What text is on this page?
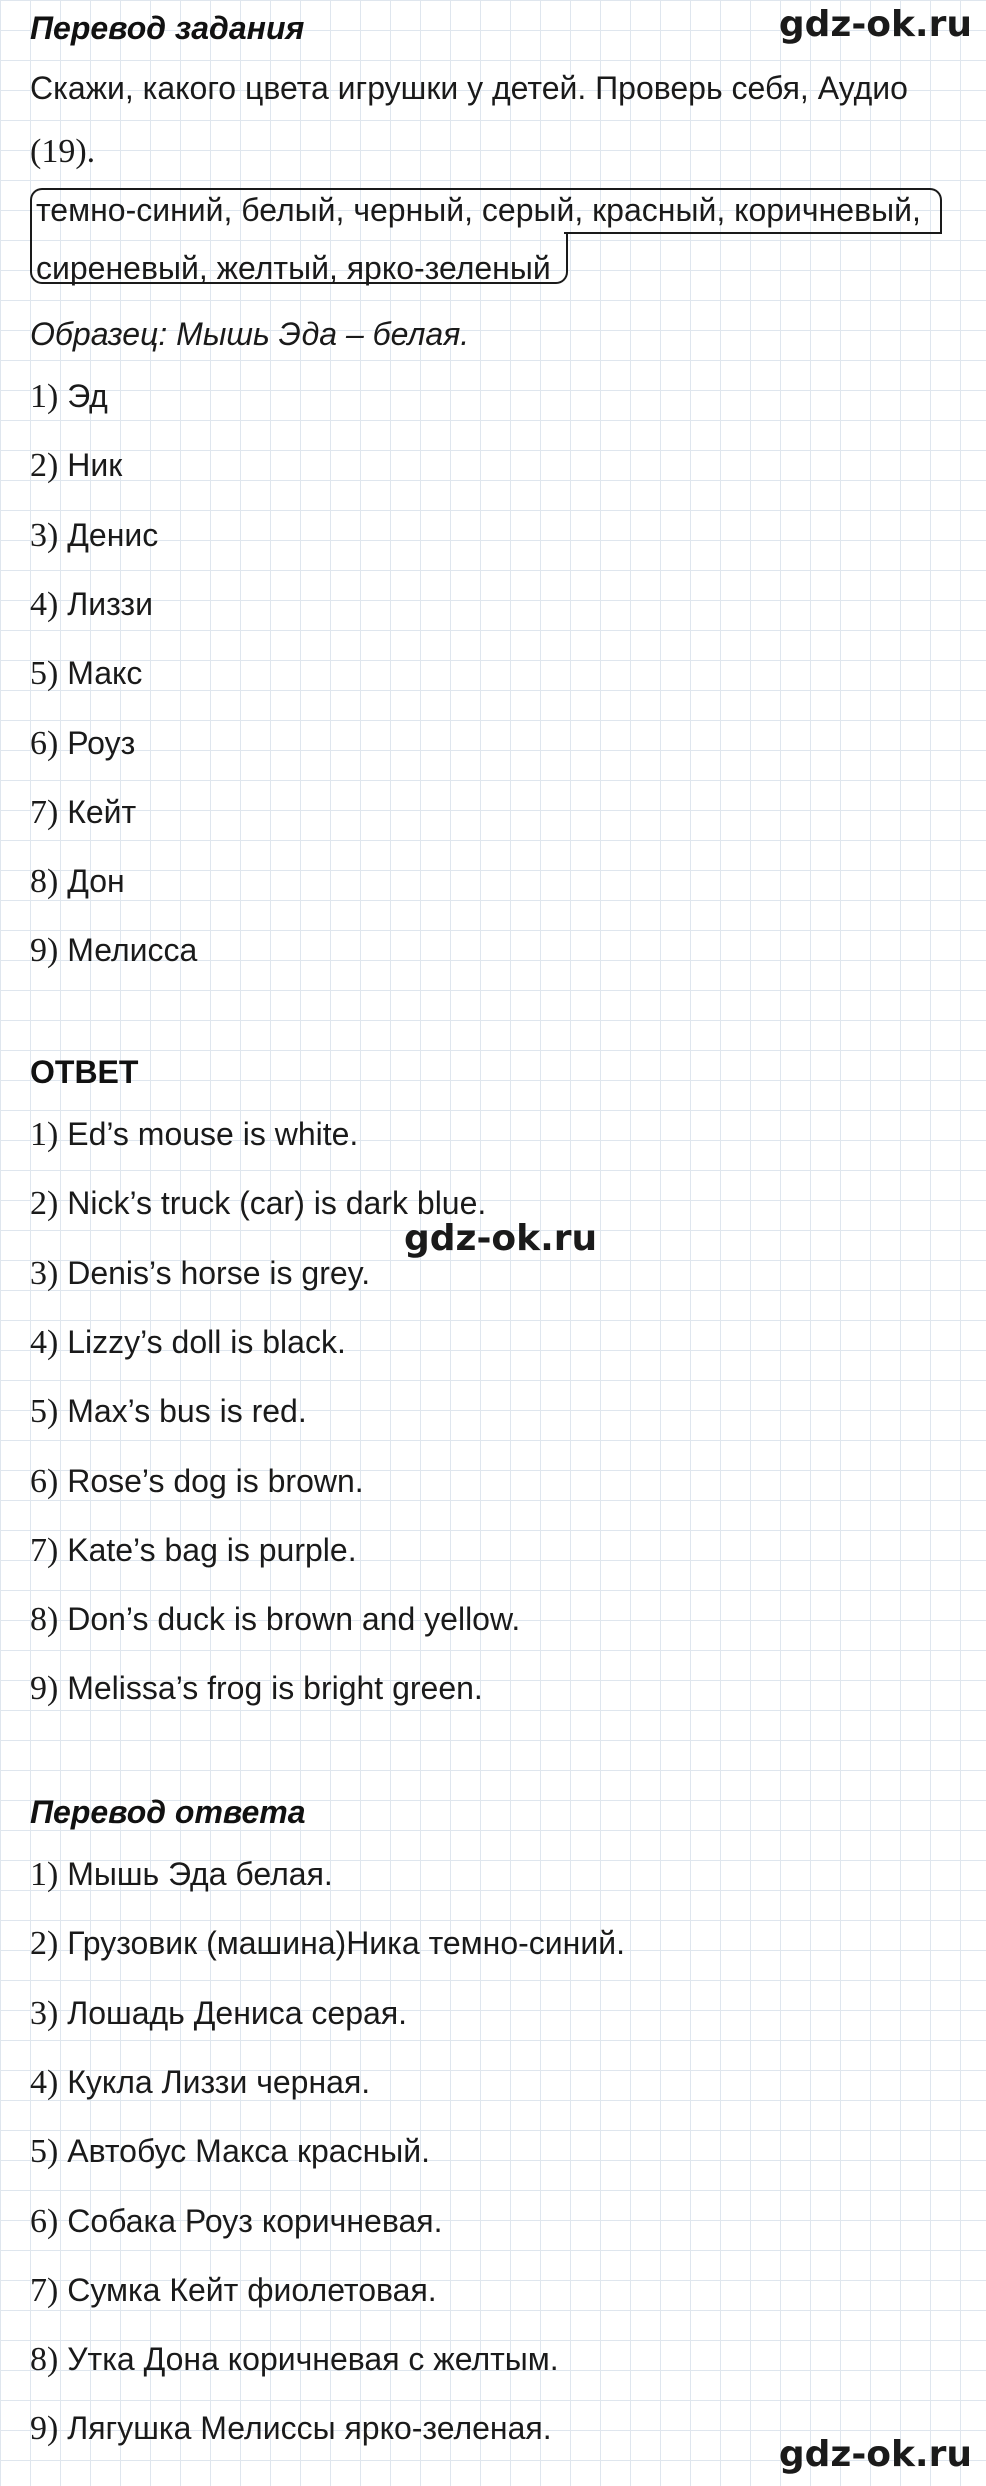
gdz-ok.ru
gdz-ok.ru
gdz-ok.ru
Перевод задания
Скажи, какого цвета игрушки у детей. Проверь себя, Аудио
(19).
темно-синий, белый, черный, серый, красный, коричневый,
сиреневый, желтый, ярко-зеленый
Образец: Мышь Эда – белая.
1) Эд
2) Ник
3) Денис
4) Лиззи
5) Макс
6) Роуз
7) Кейт
8) Дон
9) Мелисса
ОТВЕТ
1) Ed’s mouse is white.
2) Nick’s truck (car) is dark blue.
3) Denis’s horse is grey.
4) Lizzy’s doll is black.
5) Max’s bus is red.
6) Rose’s dog is brown.
7) Kate’s bag is purple.
8) Don’s duck is brown and yellow.
9) Melissa’s frog is bright green.
Перевод ответа
1) Мышь Эда белая.
2) Грузовик (машина)Ника темно-синий.
3) Лошадь Дениса серая.
4) Кукла Лиззи черная.
5) Автобус Макса красный.
6) Собака Роуз коричневая.
7) Сумка Кейт фиолетовая.
8) Утка Дона коричневая с желтым.
9) Лягушка Мелиссы ярко-зеленая.
